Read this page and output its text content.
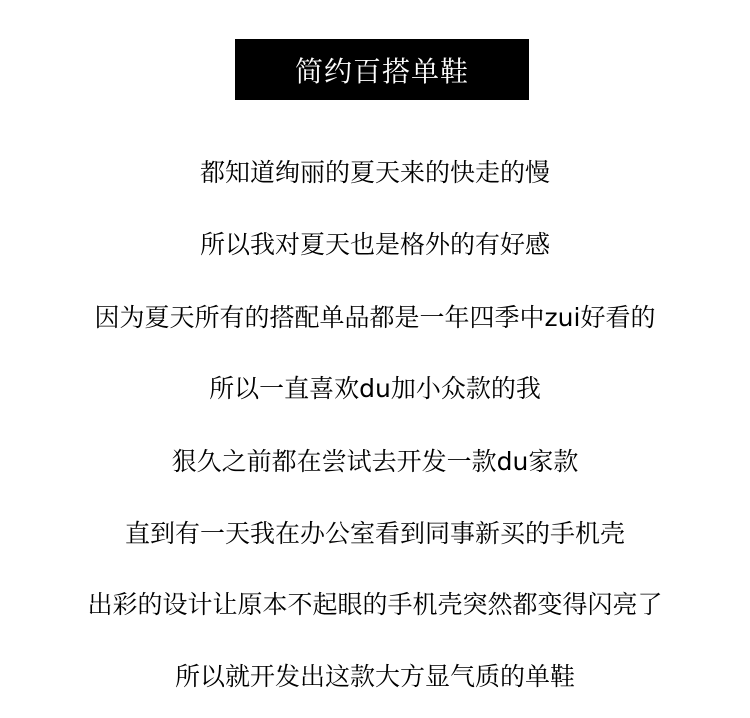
简约百搭单鞋
都知道绚丽的夏天来的快走的慢
所以我对夏天也是格外的有好感
因为夏天所有的搭配单品都是一年四季中zui好看的
所以一直喜欢du加小众款的我
狠久之前都在尝试去开发一款du家款
直到有一天我在办公室看到同事新买的手机壳
出彩的设计让原本不起眼的手机壳突然都变得闪亮了
所以就开发出这款大方显气质的单鞋
